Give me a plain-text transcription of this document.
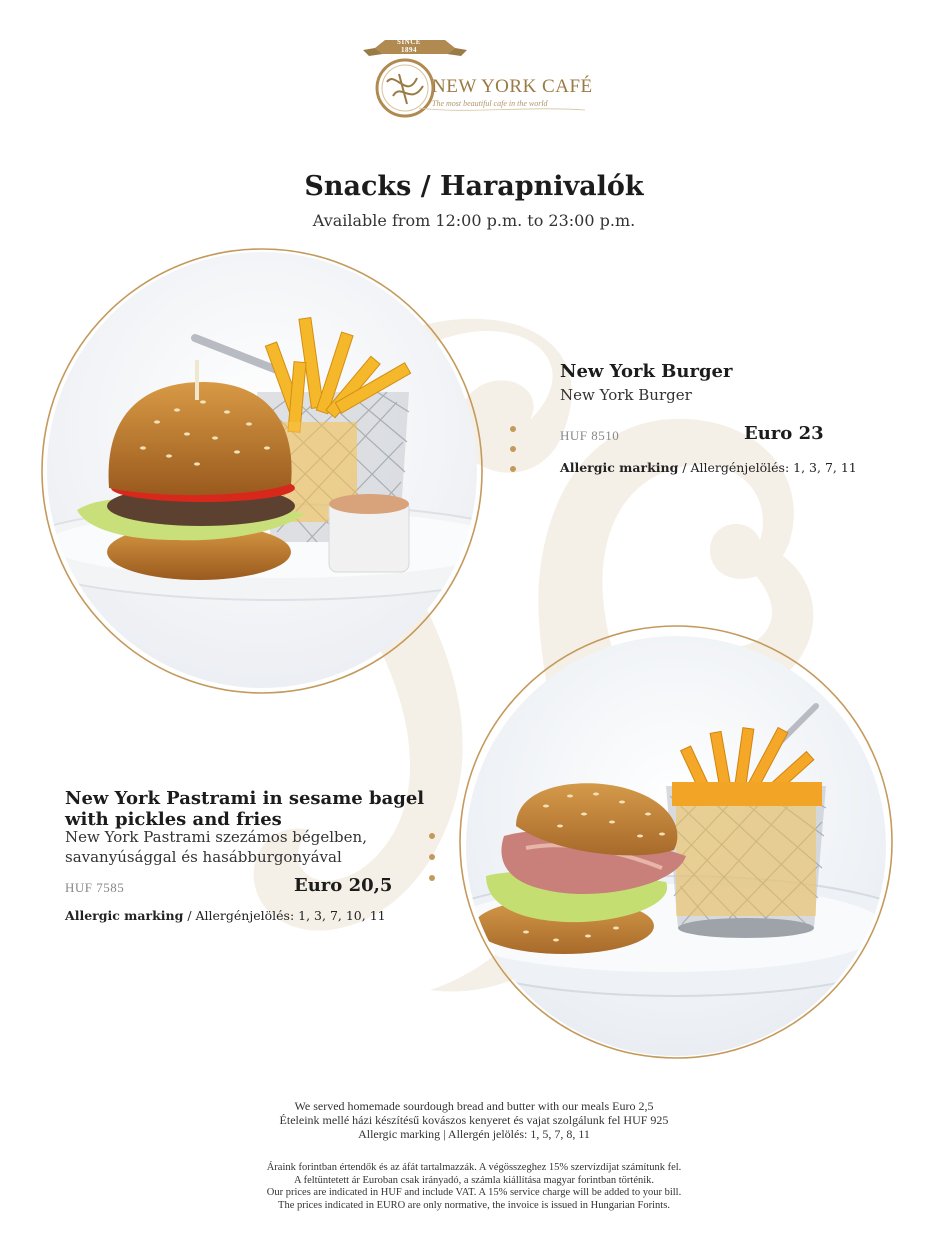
SINCE 1894
NEW YORK CAFÉ
The most beautiful cafe in the world
Snacks / Harapnivalók
Available from 12:00 p.m. to 23:00 p.m.
New York Burger
New York Burger
HUF 8510	Euro 23
Allergic marking / Allergénjelölés: 1, 3, 7, 11
New York Pastrami in sesame bagel
with pickles and fries
New York Pastrami szezámos bégelben,
savanyúsággal és hasábburgonyával
HUF 7585	Euro 20,5
Allergic marking / Allergénjelölés: 1, 3, 7, 10, 11
We served homemade sourdough bread and butter with our meals Euro 2,5
Ételeink mellé házi készítésű kovászos kenyeret és vajat szolgálunk fel HUF 925
Allergic marking | Allergén jelölés: 1, 5, 7, 8, 11
Áraink forintban értendők és az áfát tartalmazzák. A végösszeghez 15% szervízdíjat számítunk fel.
A feltüntetett ár Euroban csak irányadó, a számla kiállítása magyar forintban történik.
Our prices are indicated in HUF and include VAT. A 15% service charge will be added to your bill.
The prices indicated in EURO are only normative, the invoice is issued in Hungarian Forints.
